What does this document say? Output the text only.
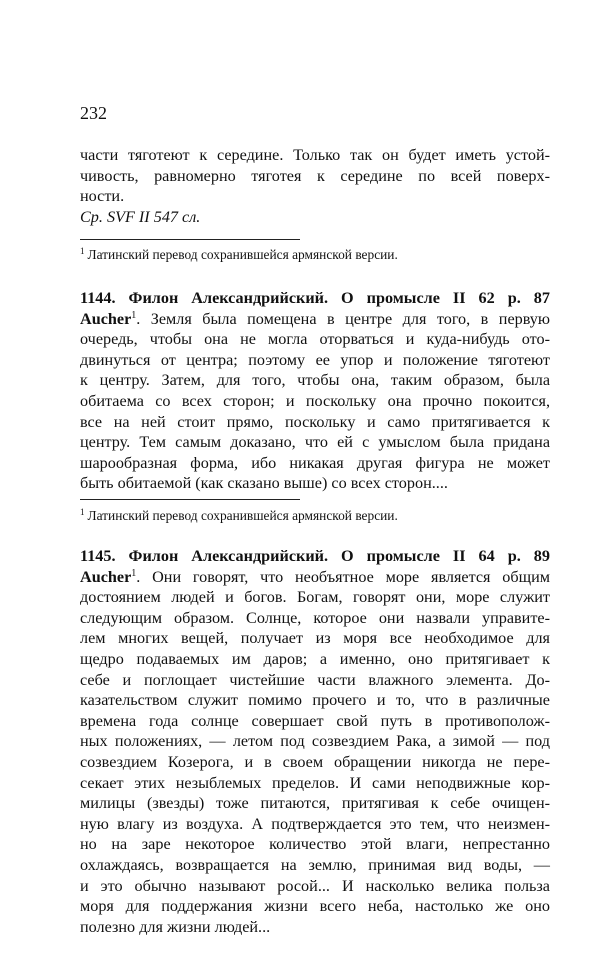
232
части тяготеют к середине. Только так он будет иметь устой-
чивость, равномерно тяготея к середине по всей поверх-
ности.
Ср. SVF II 547 сл.
$^1$ Латинский перевод сохранившейся армянской версии.
1144. Филон Александрийский. О промысле II 62 p. 87
Aucher$^1$. Земля была помещена в центре для того, в первую
очередь, чтобы она не могла оторваться и куда-нибудь ото-
двинуться от центра; поэтому ее упор и положение тяготеют
к центру. Затем, для того, чтобы она, таким образом, была
обитаема со всех сторон; и поскольку она прочно покоится,
все на ней стоит прямо, поскольку и само притягивается к
центру. Тем самым доказано, что ей с умыслом была придана
шарообразная форма, ибо никакая другая фигура не может
быть обитаемой (как сказано выше) со всех сторон....
$^1$ Латинский перевод сохранившейся армянской версии.
1145. Филон Александрийский. О промысле II 64 p. 89
Aucher$^1$. Они говорят, что необъятное море является общим
достоянием людей и богов. Богам, говорят они, море служит
следующим образом. Солнце, которое они назвали управите-
лем многих вещей, получает из моря все необходимое для
щедро подаваемых им даров; а именно, оно притягивает к
себе и поглощает чистейшие части влажного элемента. До-
казательством служит помимо прочего и то, что в различные
времена года солнце совершает свой путь в противополож-
ных положениях, — летом под созвездием Рака, а зимой — под
созвездием Козерога, и в своем обращении никогда не пере-
секает этих незыблемых пределов. И сами неподвижные кор-
милицы (звезды) тоже питаются, притягивая к себе очищен-
ную влагу из воздуха. А подтверждается это тем, что неизмен-
но на заре некоторое количество этой влаги, непрестанно
охлаждаясь, возвращается на землю, принимая вид воды, —
и это обычно называют росой... И насколько велика польза
моря для поддержания жизни всего неба, настолько же оно
полезно для жизни людей...
